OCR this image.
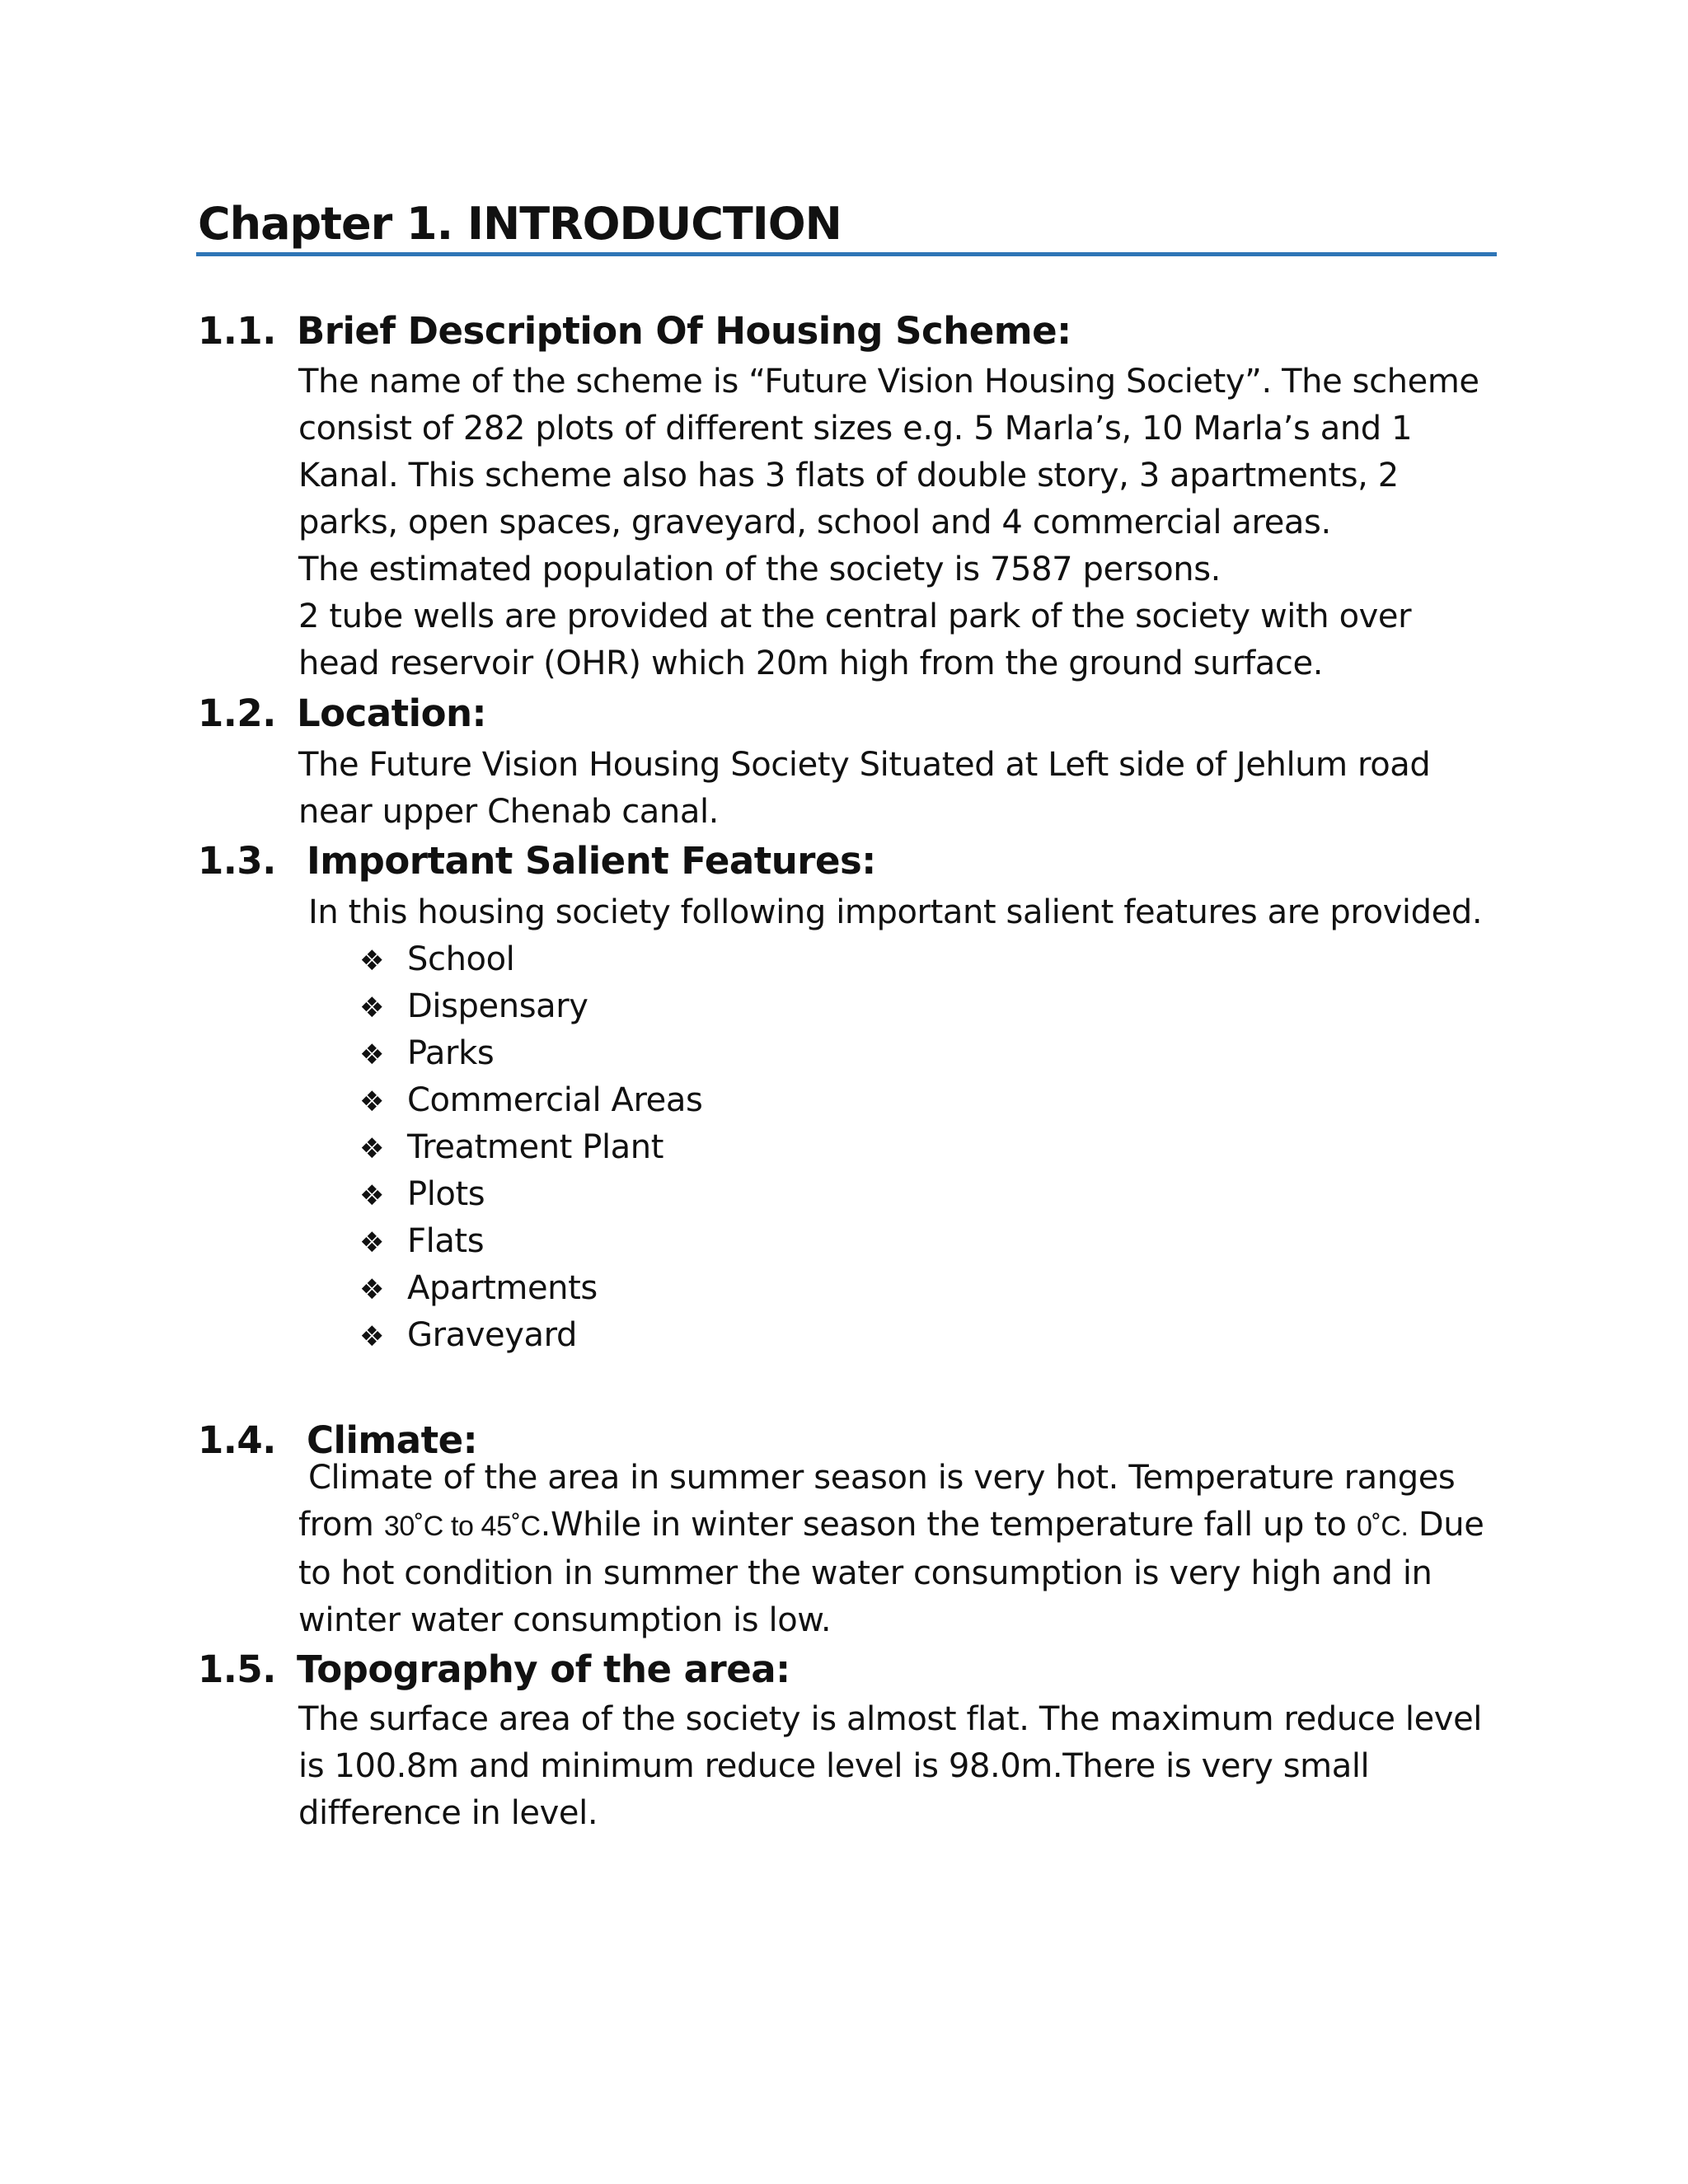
Chapter 1. INTRODUCTION
1.1. Brief Description Of Housing Scheme:

The name of the scheme is “Future Vision Housing Society”. The scheme consist of 282 plots of different sizes e.g. 5 Marla’s, 10 Marla’s and 1 Kanal. This scheme also has 3 flats of double story, 3 apartments, 2 parks, open spaces, graveyard, school and 4 commercial areas.

The estimated population of the society is 7587 persons.

2 tube wells are provided at the central park of the society with over head reservoir (OHR) which 20m high from the ground surface.

1.2. Location:

The Future Vision Housing Society Situated at Left side of Jehlum road near upper Chenab canal.

1.3. Important Salient Features:

In this housing society following important salient features are provided.

❖ School
❖ Dispensary
❖ Parks
❖ Commercial Areas
❖ Treatment Plant
❖ Plots
❖ Flats
❖ Apartments
❖ Graveyard
1.4. Climate:

Climate of the area in summer season is very hot. Temperature ranges from 30˚C to 45˚C.While in winter season the temperature fall up to 0˚C. Due to hot condition in summer the water consumption is very high and in winter water consumption is low.

1.5. Topography of the area:

The surface area of the society is almost flat. The maximum reduce level is 100.8m and minimum reduce level is 98.0m.There is very small difference in level.
